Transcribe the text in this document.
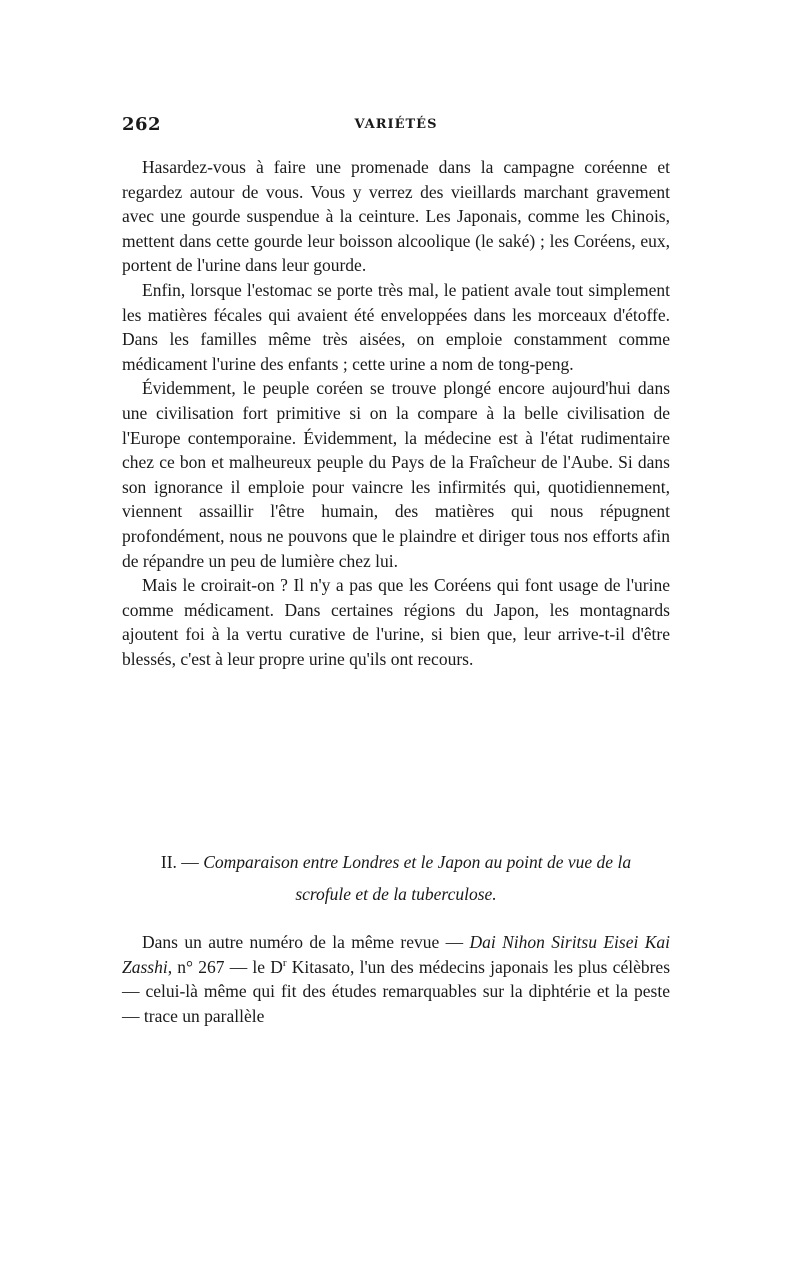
262	VARIÉTÉS

Hasardez-vous à faire une promenade dans la campagne coréenne et regardez autour de vous. Vous y verrez des vieillards marchant gravement avec une gourde suspendue à la ceinture. Les Japonais, comme les Chinois, mettent dans cette gourde leur boisson alcoolique (le saké) ; les Coréens, eux, portent de l'urine dans leur gourde.

Enfin, lorsque l'estomac se porte très mal, le patient avale tout simplement les matières fécales qui avaient été enveloppées dans les morceaux d'étoffe. Dans les familles même très aisées, on emploie constamment comme médicament l'urine des enfants ; cette urine a nom de tong-peng.

Évidemment, le peuple coréen se trouve plongé encore aujourd'hui dans une civilisation fort primitive si on la compare à la belle civilisation de l'Europe contemporaine. Évidemment, la médecine est à l'état rudimentaire chez ce bon et malheureux peuple du Pays de la Fraîcheur de l'Aube. Si dans son ignorance il emploie pour vaincre les infirmités qui, quotidiennement, viennent assaillir l'être humain, des matières qui nous répugnent profondément, nous ne pouvons que le plaindre et diriger tous nos efforts afin de répandre un peu de lumière chez lui.

Mais le croirait-on ? Il n'y a pas que les Coréens qui font usage de l'urine comme médicament. Dans certaines régions du Japon, les montagnards ajoutent foi à la vertu curative de l'urine, si bien que, leur arrive-t-il d'être blessés, c'est à leur propre urine qu'ils ont recours.

II. — Comparaison entre Londres et le Japon au point de vue de la
scrofule et de la tuberculose.

Dans un autre numéro de la même revue — Dai Nihon Siritsu Eisei Kai Zasshi, n° 267 — le $D^r$ Kitasato, l'un des médecins japonais les plus célèbres — celui-là même qui fit des études remarquables sur la diphtérie et la peste — trace un parallèle
